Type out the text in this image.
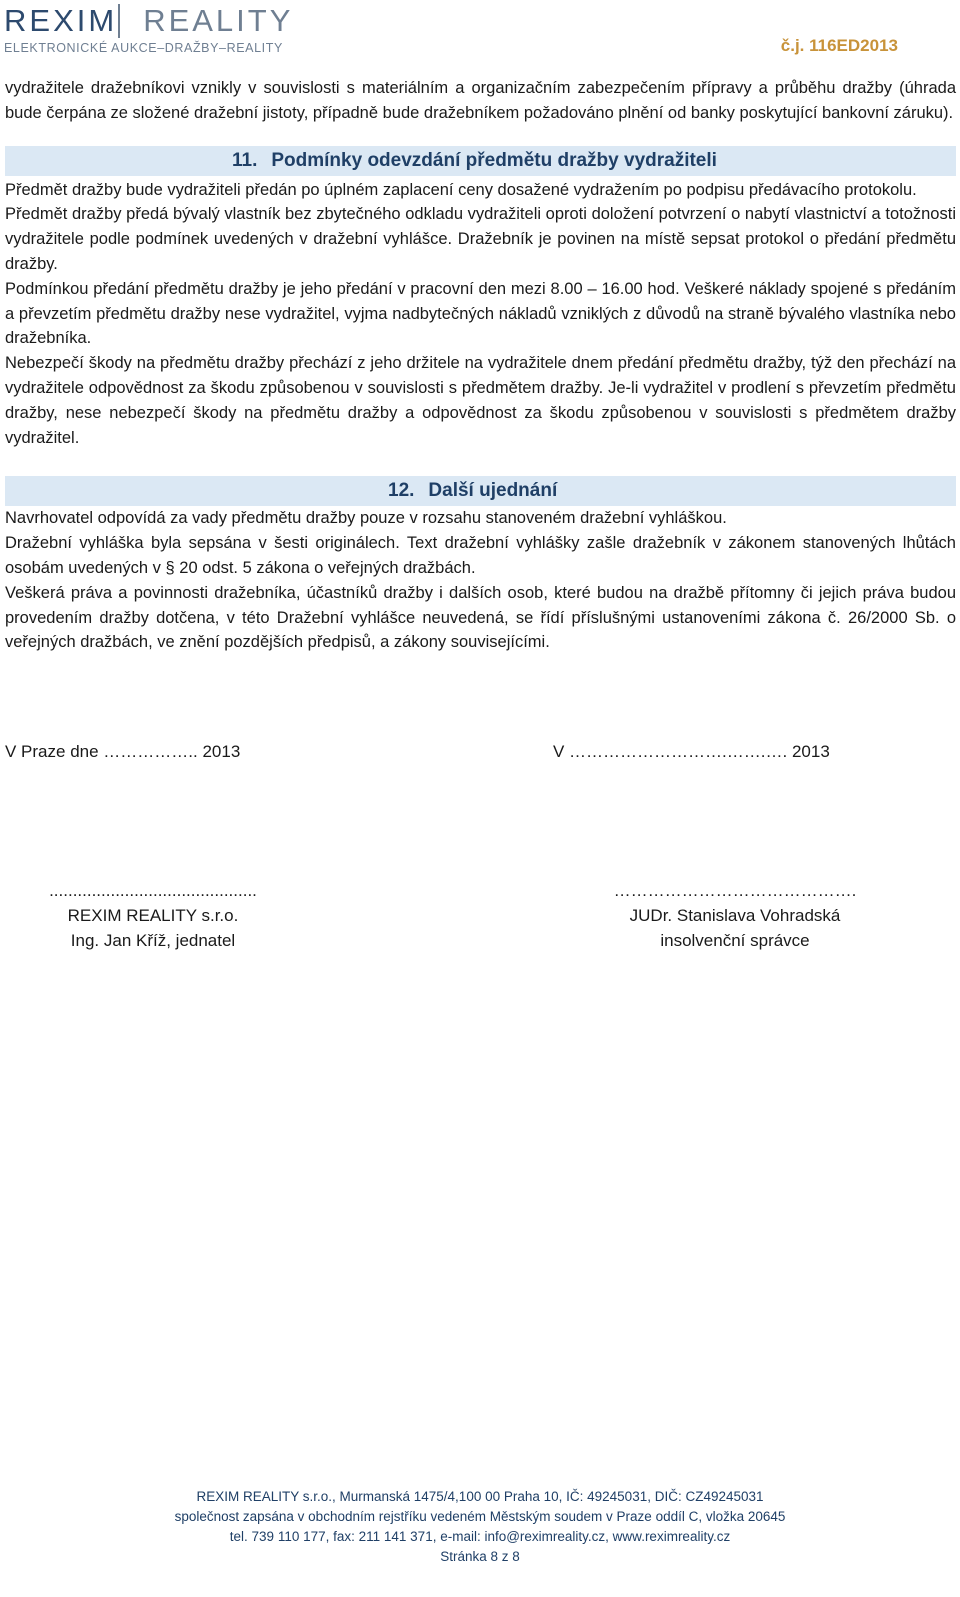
REXIM REALITY
ELEKTRONICKÉ AUKCE–DRAŽBY–REALITY	č.j. 116ED2013

vydražitele dražebníkovi vznikly v souvislosti s materiálním a organizačním zabezpečením přípravy a průběhu dražby (úhrada bude čerpána ze složené dražební jistoty, případně bude dražebníkem požadováno plnění od banky poskytující bankovní záruku).

11. Podmínky odevzdání předmětu dražby vydražiteli

Předmět dražby bude vydražiteli předán po úplném zaplacení ceny dosažené vydražením po podpisu předávacího protokolu.

Předmět dražby předá bývalý vlastník bez zbytečného odkladu vydražiteli oproti doložení potvrzení o nabytí vlastnictví a totožnosti vydražitele podle podmínek uvedených v dražební vyhlášce. Dražebník je povinen na místě sepsat protokol o předání předmětu dražby.

Podmínkou předání předmětu dražby je jeho předání v pracovní den mezi 8.00 – 16.00 hod. Veškeré náklady spojené s předáním a převzetím předmětu dražby nese vydražitel, vyjma nadbytečných nákladů vzniklých z důvodů na straně bývalého vlastníka nebo dražebníka.

Nebezpečí škody na předmětu dražby přechází z jeho držitele na vydražitele dnem předání předmětu dražby, týž den přechází na vydražitele odpovědnost za škodu způsobenou v souvislosti s předmětem dražby. Je-li vydražitel v prodlení s převzetím předmětu dražby, nese nebezpečí škody na předmětu dražby a odpovědnost za škodu způsobenou v souvislosti s předmětem dražby vydražitel.

12. Další ujednání

Navrhovatel odpovídá za vady předmětu dražby pouze v rozsahu stanoveném dražební vyhláškou.

Dražební vyhláška byla sepsána v šesti originálech. Text dražební vyhlášky zašle dražebník v zákonem stanovených lhůtách osobám uvedených v § 20 odst. 5 zákona o veřejných dražbách.

Veškerá práva a povinnosti dražebníka, účastníků dražby i dalších osob, které budou na dražbě přítomny či jejich práva budou provedením dražby dotčena, v této Dražební vyhlášce neuvedená, se řídí příslušnými ustanoveními zákona č. 26/2000 Sb. o veřejných dražbách, ve znění pozdějších předpisů, a zákony souvisejícími.

V Praze dne …………….. 2013	V ……………………….…….…. 2013
............................................
REXIM REALITY s.r.o.
Ing. Jan Kříž, jednatel
…………………………………….
JUDr. Stanislava Vohradská
insolvenční správce
REXIM REALITY s.r.o., Murmanská 1475/4,100 00 Praha 10, IČ: 49245031, DIČ: CZ49245031
společnost zapsána v obchodním rejstříku vedeném Městským soudem v Praze oddíl C, vložka 20645
tel. 739 110 177, fax: 211 141 371, e-mail: info@reximreality.cz, www.reximreality.cz
Stránka 8 z 8
